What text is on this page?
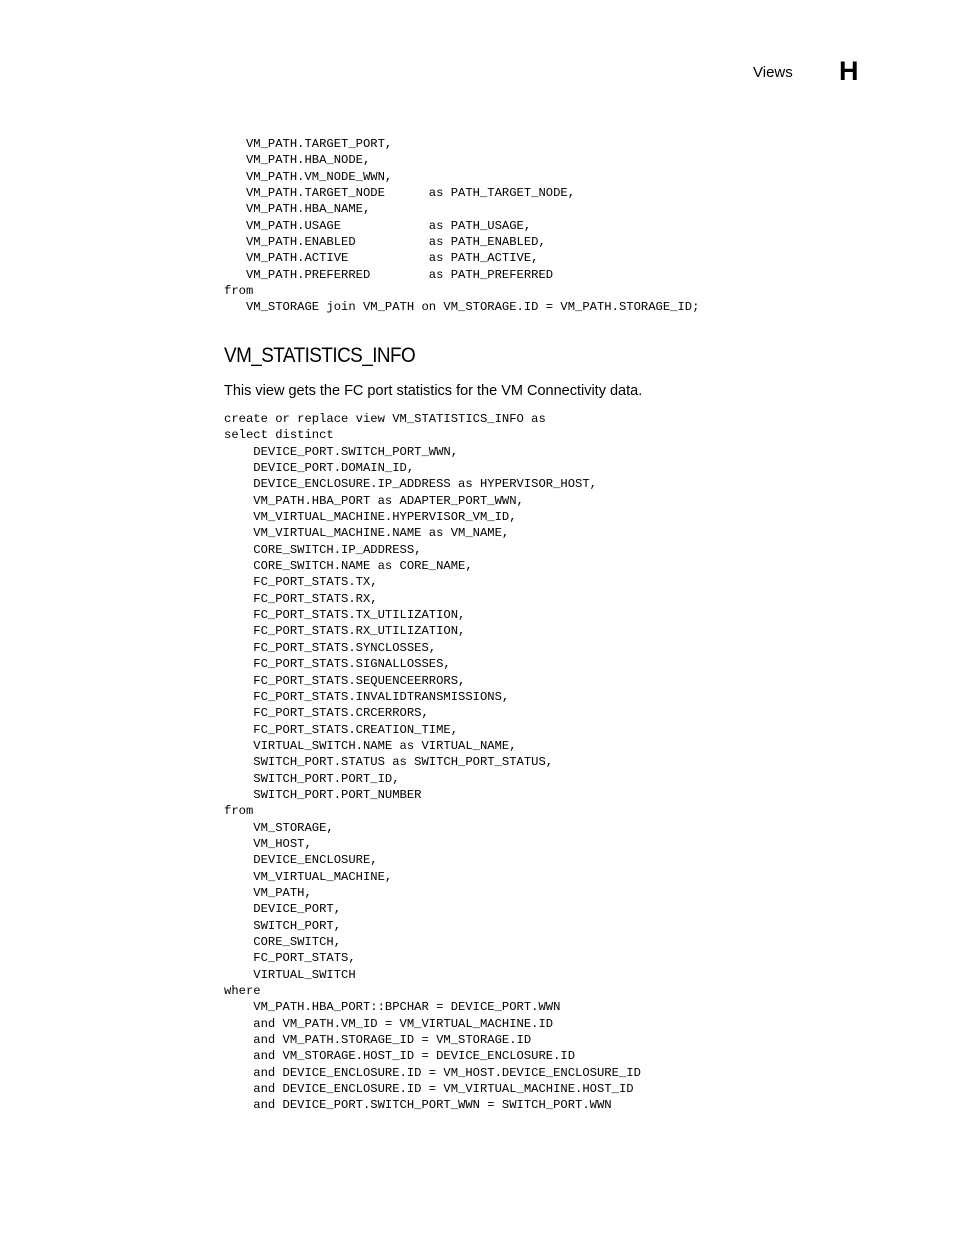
Views H
VM_PATH.TARGET_PORT,
VM_PATH.HBA_NODE,
VM_PATH.VM_NODE_WWN,
VM_PATH.TARGET_NODE      as PATH_TARGET_NODE,
VM_PATH.HBA_NAME,
VM_PATH.USAGE            as PATH_USAGE,
VM_PATH.ENABLED          as PATH_ENABLED,
VM_PATH.ACTIVE           as PATH_ACTIVE,
VM_PATH.PREFERRED        as PATH_PREFERRED
from
VM_STORAGE join VM_PATH on VM_STORAGE.ID = VM_PATH.STORAGE_ID;
VM_STATISTICS_INFO

This view gets the FC port statistics for the VM Connectivity data.

create or replace view VM_STATISTICS_INFO as
select distinct
DEVICE_PORT.SWITCH_PORT_WWN,
DEVICE_PORT.DOMAIN_ID,
DEVICE_ENCLOSURE.IP_ADDRESS as HYPERVISOR_HOST,
VM_PATH.HBA_PORT as ADAPTER_PORT_WWN,
VM_VIRTUAL_MACHINE.HYPERVISOR_VM_ID,
VM_VIRTUAL_MACHINE.NAME as VM_NAME,
CORE_SWITCH.IP_ADDRESS,
CORE_SWITCH.NAME as CORE_NAME,
FC_PORT_STATS.TX,
FC_PORT_STATS.RX,
FC_PORT_STATS.TX_UTILIZATION,
FC_PORT_STATS.RX_UTILIZATION,
FC_PORT_STATS.SYNCLOSSES,
FC_PORT_STATS.SIGNALLOSSES,
FC_PORT_STATS.SEQUENCEERRORS,
FC_PORT_STATS.INVALIDTRANSMISSIONS,
FC_PORT_STATS.CRCERRORS,
FC_PORT_STATS.CREATION_TIME,
VIRTUAL_SWITCH.NAME as VIRTUAL_NAME,
SWITCH_PORT.STATUS as SWITCH_PORT_STATUS,
SWITCH_PORT.PORT_ID,
SWITCH_PORT.PORT_NUMBER
from
VM_STORAGE,
VM_HOST,
DEVICE_ENCLOSURE,
VM_VIRTUAL_MACHINE,
VM_PATH,
DEVICE_PORT,
SWITCH_PORT,
CORE_SWITCH,
FC_PORT_STATS,
VIRTUAL_SWITCH
where
VM_PATH.HBA_PORT::BPCHAR = DEVICE_PORT.WWN
and VM_PATH.VM_ID = VM_VIRTUAL_MACHINE.ID
and VM_PATH.STORAGE_ID = VM_STORAGE.ID
and VM_STORAGE.HOST_ID = DEVICE_ENCLOSURE.ID
and DEVICE_ENCLOSURE.ID = VM_HOST.DEVICE_ENCLOSURE_ID
and DEVICE_ENCLOSURE.ID = VM_VIRTUAL_MACHINE.HOST_ID
and DEVICE_PORT.SWITCH_PORT_WWN = SWITCH_PORT.WWN
